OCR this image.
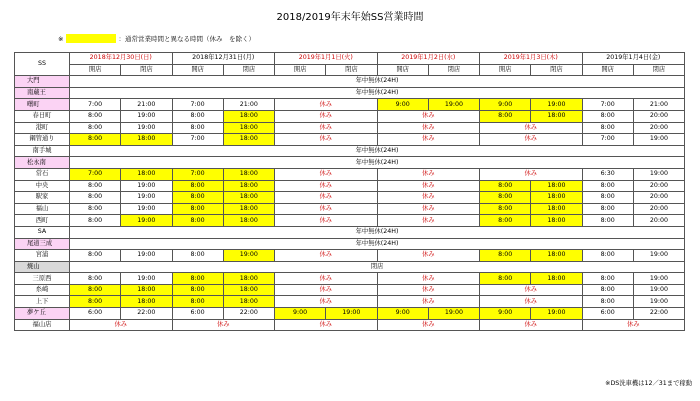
2018/2019年末年始SS営業時間
※	：通常営業時間と異なる時間（休み　を除く）
SS	2018年12月30日(日)		2018年12月31日(月)		2019年1月1日(火)		2019年1月2日(水)		2019年1月3日(木)		2019年1月4日(金)	
	開店	閉店	開店	閉店	開店	閉店	開店	閉店	開店	閉店	開店	閉店
大門	年中無休(24H)											
南蔵王	年中無休(24H)											
曙町	7:00	21:00	7:00	21:00	休み		9:00	19:00	9:00	19:00	7:00	21:00
春日町	8:00	19:00	8:00	18:00	休み		休み		8:00	18:00	8:00	20:00
港町	8:00	19:00	8:00	18:00	休み		休み		休み		8:00	20:00
鋼管通り	8:00	18:00	7:00	18:00	休み		休み		休み		7:00	19:00
南手城	年中無休(24H)											
松永南	年中無休(24H)											
常石	7:00	18:00	7:00	18:00	休み		休み		休み		6:30	19:00
中央	8:00	19:00	8:00	18:00	休み		休み		8:00	18:00	8:00	20:00
駅家	8:00	19:00	8:00	18:00	休み		休み		8:00	18:00	8:00	20:00
福山	8:00	19:00	8:00	18:00	休み		休み		8:00	18:00	8:00	20:00
西町	8:00	19:00	8:00	18:00	休み		休み		8:00	18:00	8:00	20:00
SA	年中無休(24H)											
尾道三成	年中無休(24H)											
宮浦	8:00	19:00	8:00	19:00	休み		休み		8:00	18:00	8:00	19:00
焼山	閉店											
三原西	8:00	19:00	8:00	18:00	休み		休み		8:00	18:00	8:00	19:00
糸崎	8:00	18:00	8:00	18:00	休み		休み		休み		8:00	19:00
上下	8:00	18:00	8:00	18:00	休み		休み		休み		8:00	19:00
夢ケ丘	6:00	22:00	6:00	22:00	9:00	19:00	9:00	19:00	9:00	19:00	6:00	22:00
福山店	休み		休み		休み		休み		休み		休み	
※DS洗車機は12／31まで稼動
